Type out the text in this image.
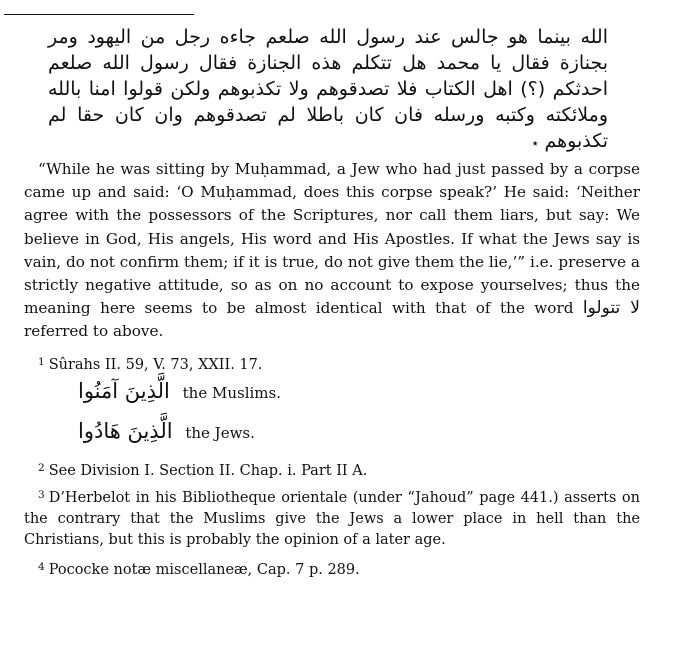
الله بينما هو جالس عند رسول الله صلعم جاءه رجل من اليهود ومر بجنازة فقال يا محمد هل تتكلم هذه الجنازة فقال رسول الله صلعم احدثكم (؟) اهل الكتاب فلا تصدقوهم ولا تكذبوهم ولكن قولوا امنا بالله وملائكته وكتبه ورسله فان كان باطلا لم تصدقوهم وان كان حقا لم تكذبوهم ٭

“While he was sitting by Muḥammad, a Jew who had just passed by a corpse came up and said: ‘O Muḥammad, does this corpse speak?’ He said: ‘Neither agree with the possessors of the Scriptures, nor call them liars, but say: We believe in God, His angels, His word and His Apostles. If what the Jews say is vain, do not confirm them; if it is true, do not give them the lie,’” i.e. preserve a strictly negative attitude, so as on no account to expose yourselves; thus the meaning here seems to be almost identical with that of the word لا تتولوا referred to above.

$^1$ Sûrahs II. 59, V. 73, XXII. 17.
الَّذِينَ آمَنُوا the Muslims.
الَّذِينَ هَادُوا the Jews.
$^2$ See Division I. Section II. Chap. i. Part II A.
$^3$ D’Herbelot in his Bibliotheque orientale (under “Jahoud” page 441.) asserts on the contrary that the Muslims give the Jews a lower place in hell than the Christians, but this is probably the opinion of a later age.
$^4$ Pococke notæ miscellaneæ, Cap. 7 p. 289.
